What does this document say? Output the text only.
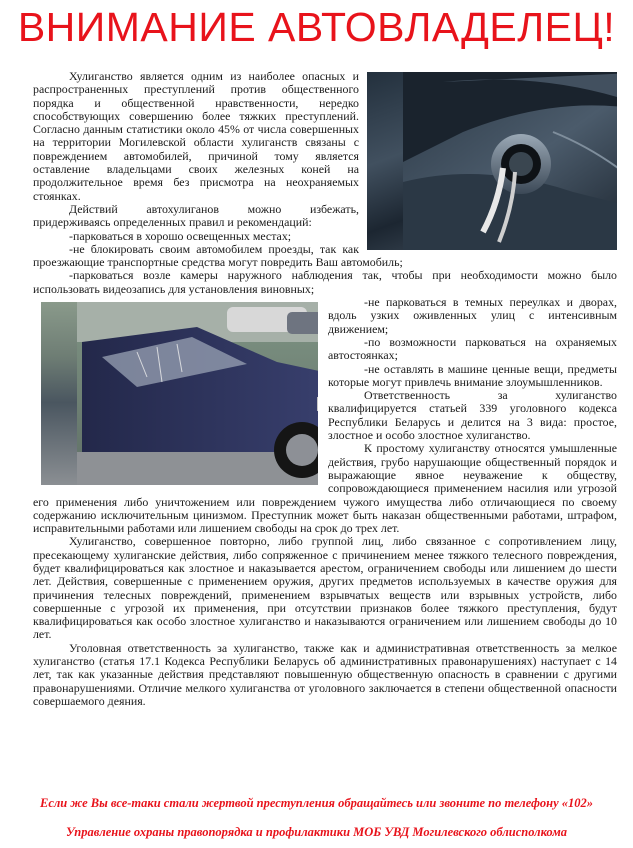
ВНИМАНИЕ АВТОВЛАДЕЛЕЦ!

Хулиганство является одним из наиболее опасных и распространенных преступлений против общественного порядка и общественной нравственности, нередко способствующих совершению более тяжких преступлений. Согласно данным статистики около 45% от числа совершенных на территории Могилевской области хулиганств связаны с повреждением автомобилей, причиной тому является оставление владельцами своих железных коней на продолжительное время без присмотра на неохраняемых стоянках.

Действий автохулиганов можно избежать, придерживаясь определенных правил и рекомендаций:

-парковаться в хорошо освещенных местах;

-не блокировать своим автомобилем проезды, так как проезжающие транспортные средства могут повредить Ваш автомобиль;

-парковаться возле камеры наружного наблюдения так, чтобы при необходимости можно было использовать видеозапись для установления виновных;

-не парковаться в темных переулках и дворах, вдоль узких оживленных улиц с интенсивным движением;

-по возможности парковаться на охраняемых автостоянках;

-не оставлять в машине ценные вещи, предметы которые могут привлечь внимание злоумышленников.

Ответственность за хулиганство квалифицируется статьей 339 уголовного кодекса Республики Беларусь и делится на 3 вида: простое, злостное и особо злостное хулиганство.

К простому хулиганству относятся умышленные действия, грубо нарушающие общественный порядок и выражающие явное неуважение к обществу, сопровождающиеся применением насилия или угрозой его применения либо уничтожением или повреждением чужого имущества либо отличающиеся по своему содержанию исключительным цинизмом. Преступник может быть наказан общественными работами, штрафом, исправительными работами или лишением свободы на срок до трех лет.

Хулиганство, совершенное повторно, либо группой лиц, либо связанное с сопротивлением лицу, пресекающему хулиганские действия, либо сопряженное с причинением менее тяжкого телесного повреждения, будет квалифицироваться как злостное и наказывается арестом, ограничением свободы или лишением до шести лет. Действия, совершенные с применением оружия, других предметов используемых в качестве оружия для причинения телесных повреждений, применением взрывчатых веществ или взрывных устройств, либо совершенные с угрозой их применения, при отсутствии признаков более тяжкого преступления, будут квалифицироваться как особо злостное хулиганство и наказываются ограничением или лишением свободы до 10 лет.

Уголовная ответственность за хулиганство, также как и административная ответственность за мелкое хулиганство (статья 17.1 Кодекса Республики Беларусь об административных правонарушениях) наступает с 14 лет, так как указанные действия представляют повышенную общественную опасность в сравнении с другими правонарушениями. Отличие мелкого хулиганства от уголовного заключается в степени общественной опасности совершаемого деяния.

Если же Вы все-таки стали жертвой преступления обращайтесь или звоните по телефону «102»
Управление охраны правопорядка и профилактики МОБ УВД Могилевского облисполкома
